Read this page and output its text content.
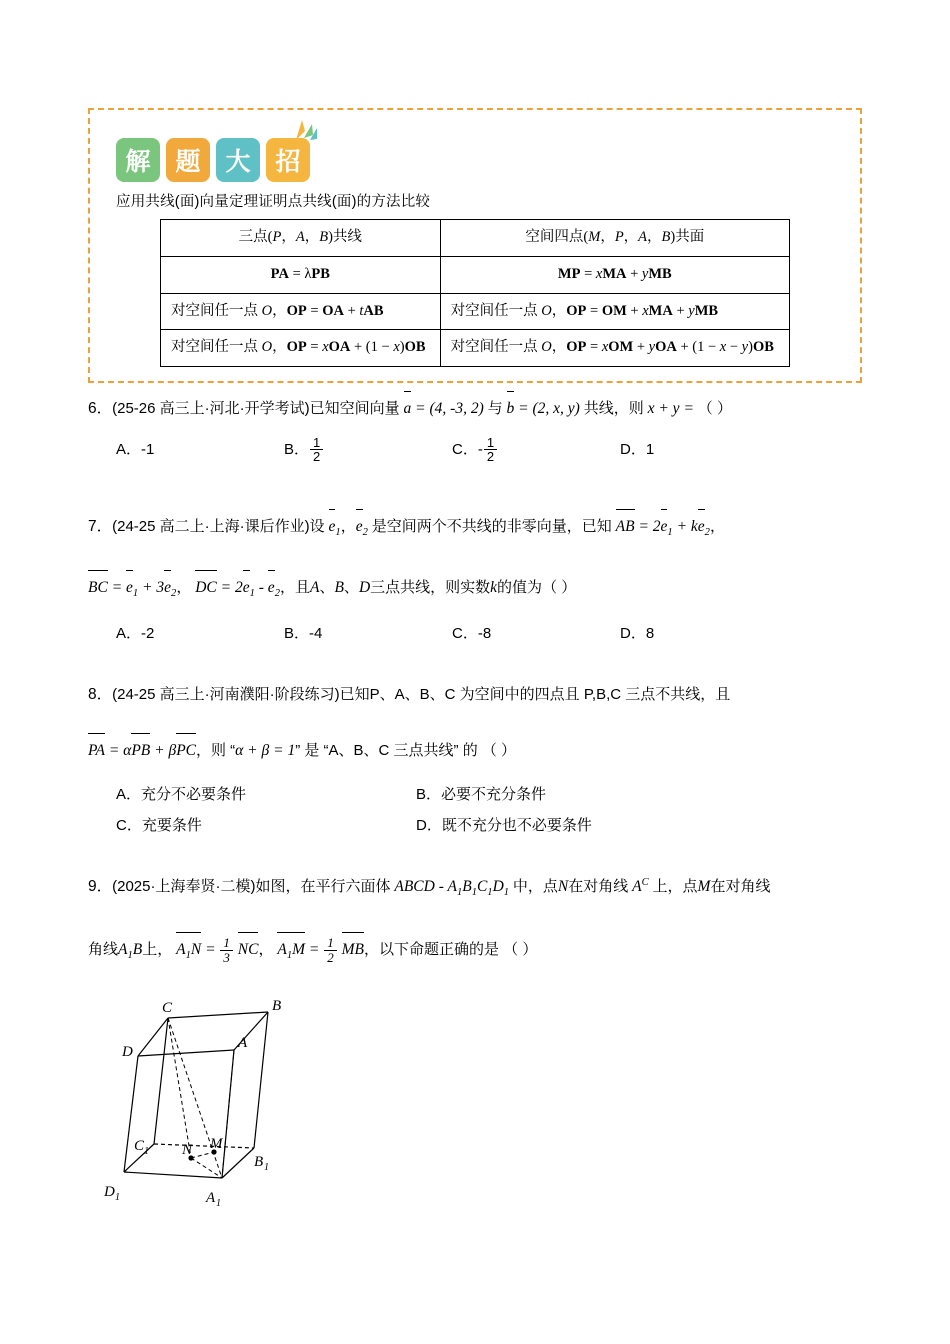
解 题 大 招
应用共线(面)向量定理证明点共线(面)的方法比较
三点(P，A，B)共线	空间四点(M，P，A，B)共面
PA = λPB	MP = xMA + yMB
对空间任一点 O，OP = OA + tAB	对空间任一点 O，OP = OM + xMA + yMB
对空间任一点 O，OP = xOA + (1 − x)OB	对空间任一点 O，OP = xOM + yOA + (1 − x − y)OB
6．(25-26 高三上·河北·开学考试)已知空间向量 a = (4, -3, 2) 与 b = (2, x, y) 共线，则 x + y = （ ）
A．-1	B． $\frac{1}{2}$	C．- $\frac{1}{2}$	D．1
7．(24-25 高二上·上海·课后作业)设 $e_1$，$e_2$ 是空间两个不共线的非零向量，已知 AB = $2e_1 + ke_2$，
BC = $e_1 + 3e_2$， DC = $2e_1 - e_2$，且A、B、D三点共线，则实数k的值为（ ）
A．-2	B．-4	C．-8	D．8
8．(24-25 高三上·河南濮阳·阶段练习)已知P、A、B、C 为空间中的四点且 P,B,C 三点不共线，且
PA = αPB + βPC，则 “α + β = 1” 是 “A、B、C 三点共线” 的 （ ）
A．充分不必要条件	B．必要不充分条件
C．充要条件	D．既不充分也不必要条件
9．(2025·上海奉贤·二模)如图，在平行六面体 ABCD - $A_1B_1C_1D_1$ 中，点N在对角线 $A^C$ 上，点M在对角线
角线$A_1B$上， $A_1N = \frac{1}{3}$ NC， $A_1M = \frac{1}{2}$ MB，以下命题正确的是 （ ）
C	B
D
A
C 1 N M
B 1
D 1	A 1
